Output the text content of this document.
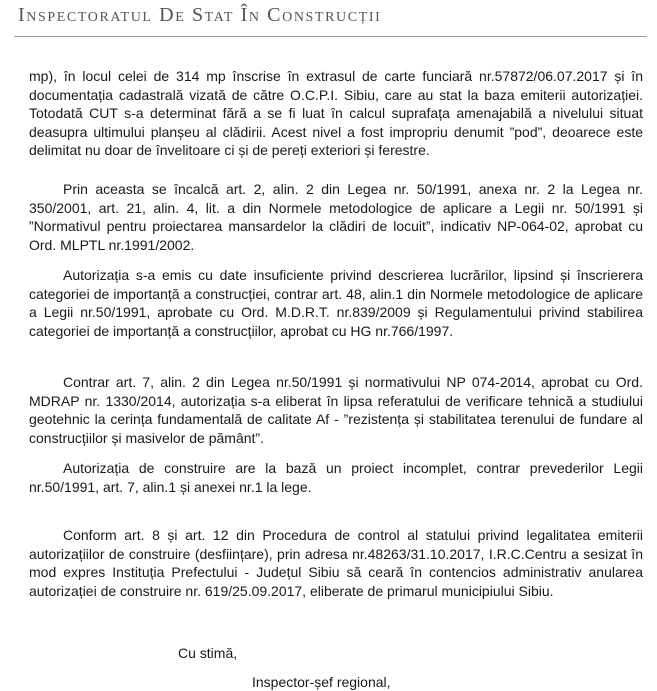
Inspectoratul De Stat În Construcții

mp), în locul celei de 314 mp înscrise în extrasul de carte funciară nr.57872/06.07.2017 și în documentația cadastrală vizată de către O.C.P.I. Sibiu, care au stat la baza emiterii autorizației. Totodată CUT s-a determinat fără a se fi luat în calcul suprafața amenajabilă a nivelului situat deasupra ultimului planșeu al clădirii. Acest nivel a fost impropriu denumit ”pod”, deoarece este delimitat nu doar de învelitoare ci și de pereți exteriori și ferestre.

Prin aceasta se încalcă art. 2, alin. 2 din Legea nr. 50/1991, anexa nr. 2 la Legea nr. 350/2001, art. 21, alin. 4, lit. a din Normele metodologice de aplicare a Legii nr. 50/1991 și ”Normativul pentru proiectarea mansardelor la clădiri de locuit”, indicativ NP-064-02, aprobat cu Ord. MLPTL nr.1991/2002.

Autorizația s-a emis cu date insuficiente privind descrierea lucrărilor, lipsind și înscrierera categoriei de importanță a construcției, contrar art. 48, alin.1 din Normele metodologice de aplicare a Legii nr.50/1991, aprobate cu Ord. M.D.R.T. nr.839/2009 și Regulamentului privind stabilirea categoriei de importanță a construcțiilor, aprobat cu HG nr.766/1997.

Contrar art. 7, alin. 2 din Legea nr.50/1991 și normativului NP 074-2014, aprobat cu Ord. MDRAP nr. 1330/2014, autorizația s-a eliberat în lipsa referatului de verificare tehnică a studiului geotehnic la cerința fundamentală de calitate Af - ”rezistența și stabilitatea terenului de fundare al construcțiilor și masivelor de pământ”.

Autorizația de construire are la bază un proiect incomplet, contrar prevederilor Legii nr.50/1991, art. 7, alin.1 și anexei nr.1 la lege.

Conform art. 8 și art. 12 din Procedura de control al statului privind legalitatea emiterii autorizațiilor de construire (desființare), prin adresa nr.48263/31.10.2017, I.R.C.Centru a sesizat în mod expres Instituția Prefectului - Județul Sibiu să ceară în contencios administrativ anularea autorizației de construire nr. 619/25.09.2017, eliberate de primarul municipiului Sibiu.

Cu stimă,
Inspector-șef regional,
